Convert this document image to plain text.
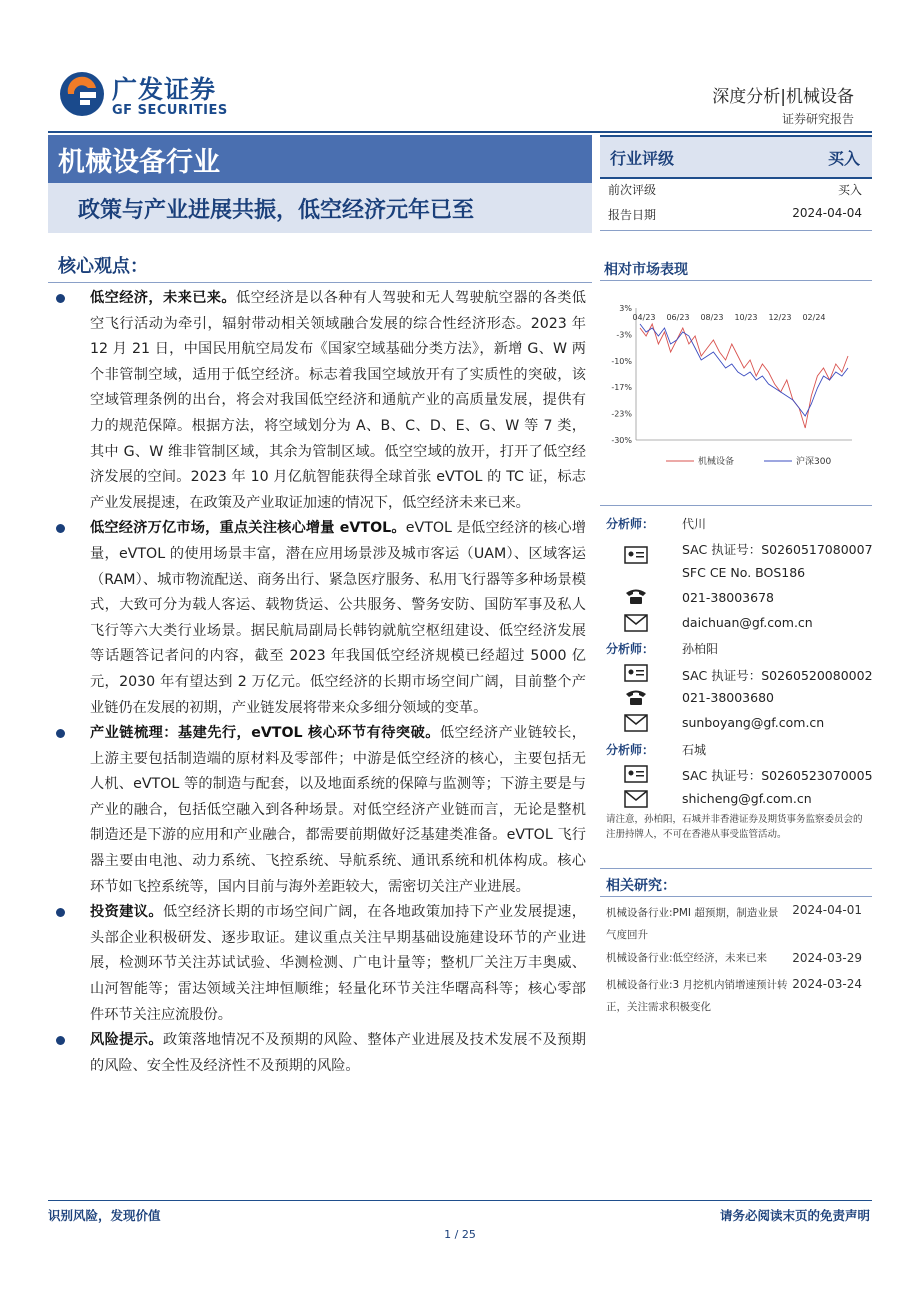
广发证券
GF SECURITIES
深度分析|机械设备
证券研究报告
机械设备行业
政策与产业进展共振，低空经济元年已至
行业评级	买入
前次评级	买入
报告日期	2024-04-04
核心观点：
低空经济，未来已来。低空经济是以各种有人驾驶和无人驾驶航空器的各类低空飞行活动为牵引，辐射带动相关领域融合发展的综合性经济形态。2023 年 12 月 21 日，中国民用航空局发布《国家空域基础分类方法》，新增 G、W 两个非管制空域，适用于低空经济。标志着我国空域放开有了实质性的突破，该空域管理条例的出台，将会对我国低空经济和通航产业的高质量发展，提供有力的规范保障。根据方法，将空域划分为 A、B、C、D、E、G、W 等 7 类，其中 G、W 维非管制区域，其余为管制区域。低空空域的放开，打开了低空经济发展的空间。2023 年 10 月亿航智能获得全球首张 eVTOL 的 TC 证，标志产业发展提速，在政策及产业取证加速的情况下，低空经济未来已来。
低空经济万亿市场，重点关注核心增量 eVTOL。eVTOL 是低空经济的核心增量，eVTOL 的使用场景丰富，潜在应用场景涉及城市客运（UAM）、区域客运（RAM）、城市物流配送、商务出行、紧急医疗服务、私用飞行器等多种场景模式，大致可分为载人客运、载物货运、公共服务、警务安防、国防军事及私人飞行等六大类行业场景。据民航局副局长韩钧就航空枢纽建设、低空经济发展等话题答记者问的内容，截至 2023 年我国低空经济规模已经超过 5000 亿元，2030 年有望达到 2 万亿元。低空经济的长期市场空间广阔，目前整个产业链仍在发展的初期，产业链发展将带来众多细分领域的变革。
产业链梳理：基建先行，eVTOL 核心环节有待突破。低空经济产业链较长，上游主要包括制造端的原材料及零部件；中游是低空经济的核心，主要包括无人机、eVTOL 等的制造与配套，以及地面系统的保障与监测等；下游主要是与产业的融合，包括低空融入到各种场景。对低空经济产业链而言，无论是整机制造还是下游的应用和产业融合，都需要前期做好泛基建类准备。eVTOL 飞行器主要由电池、动力系统、飞控系统、导航系统、通讯系统和机体构成。核心环节如飞控系统等，国内目前与海外差距较大，需密切关注产业进展。
投资建议。低空经济长期的市场空间广阔，在各地政策加持下产业发展提速，头部企业积极研发、逐步取证。建议重点关注早期基础设施建设环节的产业进展，检测环节关注苏试试验、华测检测、广电计量等；整机厂关注万丰奥威、山河智能等；雷达领域关注坤恒顺维；轻量化环节关注华曙高科等；核心零部件环节关注应流股份。
风险提示。政策落地情况不及预期的风险、整体产业进展及技术发展不及预期的风险、安全性及经济性不及预期的风险。
相对市场表现
3%
-3%
-10%
-17%
-23%
-30%
04/23 06/23 08/23 10/23 12/23 02/24
机械设备	沪深300
分析师： 代川
SAC 执证号：S0260517080007
SFC CE No. BOS186
021-38003678
daichuan@gf.com.cn
分析师： 孙柏阳
SAC 执证号：S0260520080002
021-38003680
sunboyang@gf.com.cn
分析师： 石城
SAC 执证号：S0260523070005
shicheng@gf.com.cn
请注意，孙柏阳，石城并非香港证券及期货事务监察委员会的注册持牌人，不可在香港从事受监管活动。
相关研究：
机械设备行业:PMI 超预期，制造业景气度回升
2024-04-01
机械设备行业:低空经济，未来已来	2024-03-29
机械设备行业:3 月挖机内销增速预计转正，关注需求积极变化
2024-03-24
识别风险，发现价值	请务必阅读末页的免责声明
1 / 25
